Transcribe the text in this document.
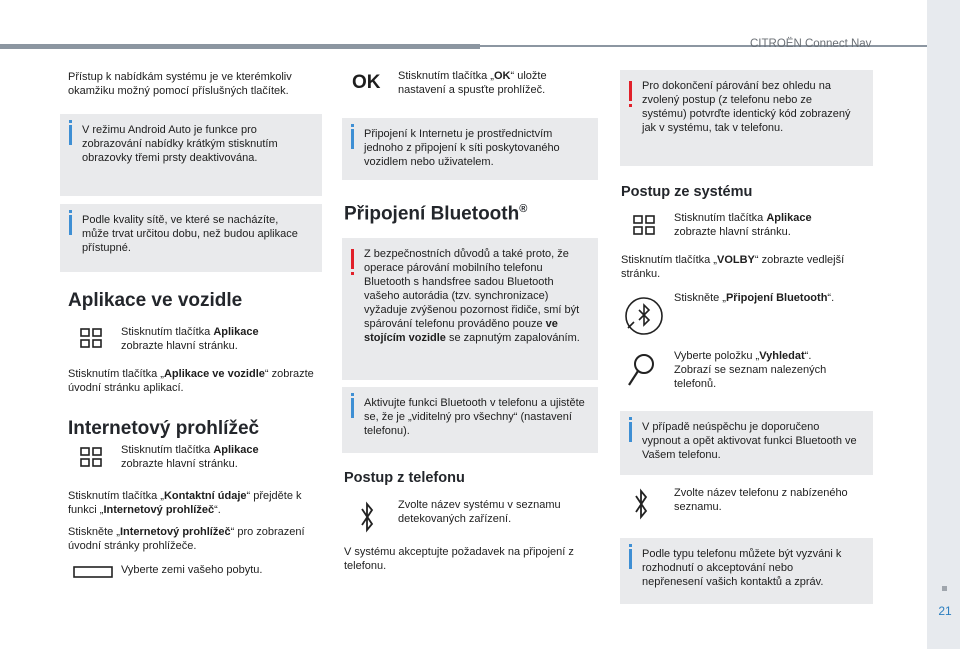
CITROËN Connect Nav
21

Přístup k nabídkám systému je ve kterémkoliv okamžiku možný pomocí příslušných tlačítek.

V režimu Android Auto je funkce pro zobrazování nabídky krátkým stisknutím obrazovky třemi prsty deaktivována.

Podle kvality sítě, ve které se nacházíte, může trvat určitou dobu, než budou aplikace přístupné.

Aplikace ve vozidle

Stisknutím tlačítka Aplikace
zobrazte hlavní stránku.

Stisknutím tlačítka „Aplikace ve vozidle“ zobrazte úvodní stránku aplikací.

Internetový prohlížeč

Stisknutím tlačítka Aplikace
zobrazte hlavní stránku.

Stisknutím tlačítka „Kontaktní údaje“ přejděte k funkci „Internetový prohlížeč“.

Stiskněte „Internetový prohlížeč“ pro zobrazení úvodní stránky prohlížeče.

Vyberte zemi vašeho pobytu.

OK Stisknutím tlačítka „OK“ uložte nastavení a spusťte prohlížeč.

Připojení k Internetu je prostřednictvím jednoho z připojení k síti poskytovaného vozidlem nebo uživatelem.

Připojení Bluetooth®

Z bezpečnostních důvodů a také proto, že operace párování mobilního telefonu Bluetooth s handsfree sadou Bluetooth vašeho autorádia (tzv. synchronizace) vyžaduje zvýšenou pozornost řidiče, smí být spárování telefonu prováděno pouze ve stojícím vozidle se zapnutým zapalováním.

Aktivujte funkci Bluetooth v telefonu a ujistěte se, že je „viditelný pro všechny“ (nastavení telefonu).

Postup z telefonu

Zvolte název systému v seznamu detekovaných zařízení.

V systému akceptujte požadavek na připojení z telefonu.

Pro dokončení párování bez ohledu na zvolený postup (z telefonu nebo ze systému) potvrďte identický kód zobrazený jak v systému, tak v telefonu.

Postup ze systému

Stisknutím tlačítka Aplikace
zobrazte hlavní stránku.

Stisknutím tlačítka „VOLBY“ zobrazte vedlejší stránku.

Stiskněte „Připojení Bluetooth“.

Vyberte položku „Vyhledat“.
Zobrazí se seznam nalezených telefonů.

V případě neúspěchu je doporučeno vypnout a opět aktivovat funkci Bluetooth ve Vašem telefonu.

Zvolte název telefonu z nabízeného seznamu.

Podle typu telefonu můžete být vyzváni k rozhodnutí o akceptování nebo nepřenesení vašich kontaktů a zpráv.
